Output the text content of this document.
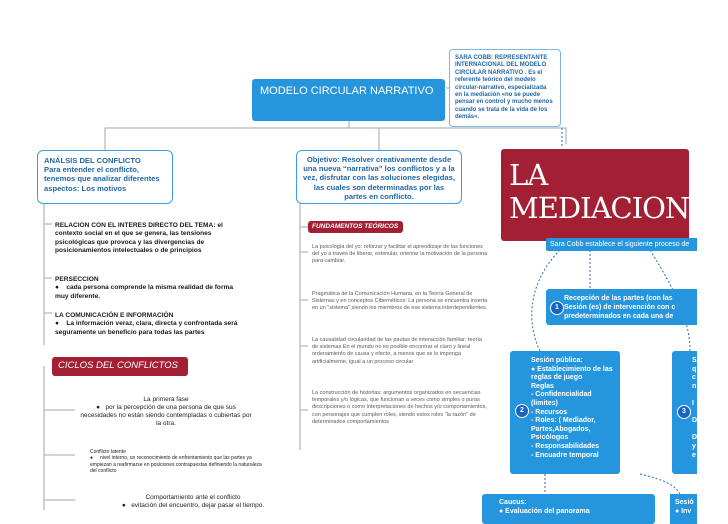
MODELO CIRCULAR NARRATIVO
SARA COBB: REPRESENTANTE INTERNACIONAL DEL MODELO CIRCULAR NARRATIVO . Es el referente teórico del modelo circular-narrativo, especializada en la mediación «no se puede pensar en control y mucho menos cuando se trata de la vida de los demás».
ANÁLSIS DEL CONFLICTO
Para entender el conflicto, tenemos que analizar diferentes aspectos: Los motivos
RELACION CON EL INTERES DIRECTO DEL TEMA: el contexto social en el que se genera, las tensiones psicológicas que provoca y las divergencias de posicionamientos intelectuales o de principios
PERSECCION
● cada persona comprende la misma realidad de forma muy diferente.
LA COMUNICACIÓN E INFORMACIÓN
● La información veraz, clara, directa y confrontada será seguramente un beneficio para todas las partes
CICLOS DEL CONFLICTOS
La primera fase
● por la percepción de una persona de que sus necesidades no están siendo contempladas o cubiertas por la otra.
Conflicto latente
● nivel interno, un reconocimiento de enfrentamiento que las partes ya empiezan a reafirmarse en posiciones contrapuestas definiendo la naturaleza del conflicto
Comportamiento ante el conflicto
● evitación del encuentro, dejar pasar el tiempo.
Objetivo: Resolver creativamente desde una nueva “narrativa” los conflictos y a la vez, disfrutar con las soluciones elegidas, las cuales son determinadas por las partes en conflicto.
FUNDAMENTOS TEÓRICOS
La psicología del yo: reforzar y facilitar el aprendizaje de las funciones del yo a través de liberar, estimular, orientar la motivación de la persona para cambiar.
Pragmática de la Comunicación Humana, en la Teoría General de Sistemas y en conceptos Cibernéticos: La persona se encuentra inserta en un "sistema",siendo los miembros de ese sistema interdependientes.
La causalidad circularidad de las pautas de interacción familiar: teoría de sistemas En el mundo no es posible encontrar el claro y lineal ordenamiento de causa y efecto, a menos que se lo imponga artificialmente, igual a un proceso circular
La construcción de historias: argumentos organizados en secuencias temporales y/o lógicas, que funcionan a veces como simples o puras descripciones o como interpretaciones de hechos y/o comportamientos, con personajes que cumplen roles, siendo estos roles "la razón" de determinados comportamientos
LA
MEDIACIONundefined
Sara Cobb establece el siguiente proceso de
Recepción de las partes (con las
Sesión (es) de intervención con c
predeterminados en cada una de
1
Sesión pública:
● Establecimiento de las reglas de juego
Reglas
- Confidencialidad (limites)
- Recursos
- Roles: ( Mediador, Partes,Abogados, Psicólogos
- Responsabilidades
- Encuadre temporal
2
S
q
c
n

I

D

D
y
e
3
Caucus:
● Evaluación del panorama
Sesió
● Inv
